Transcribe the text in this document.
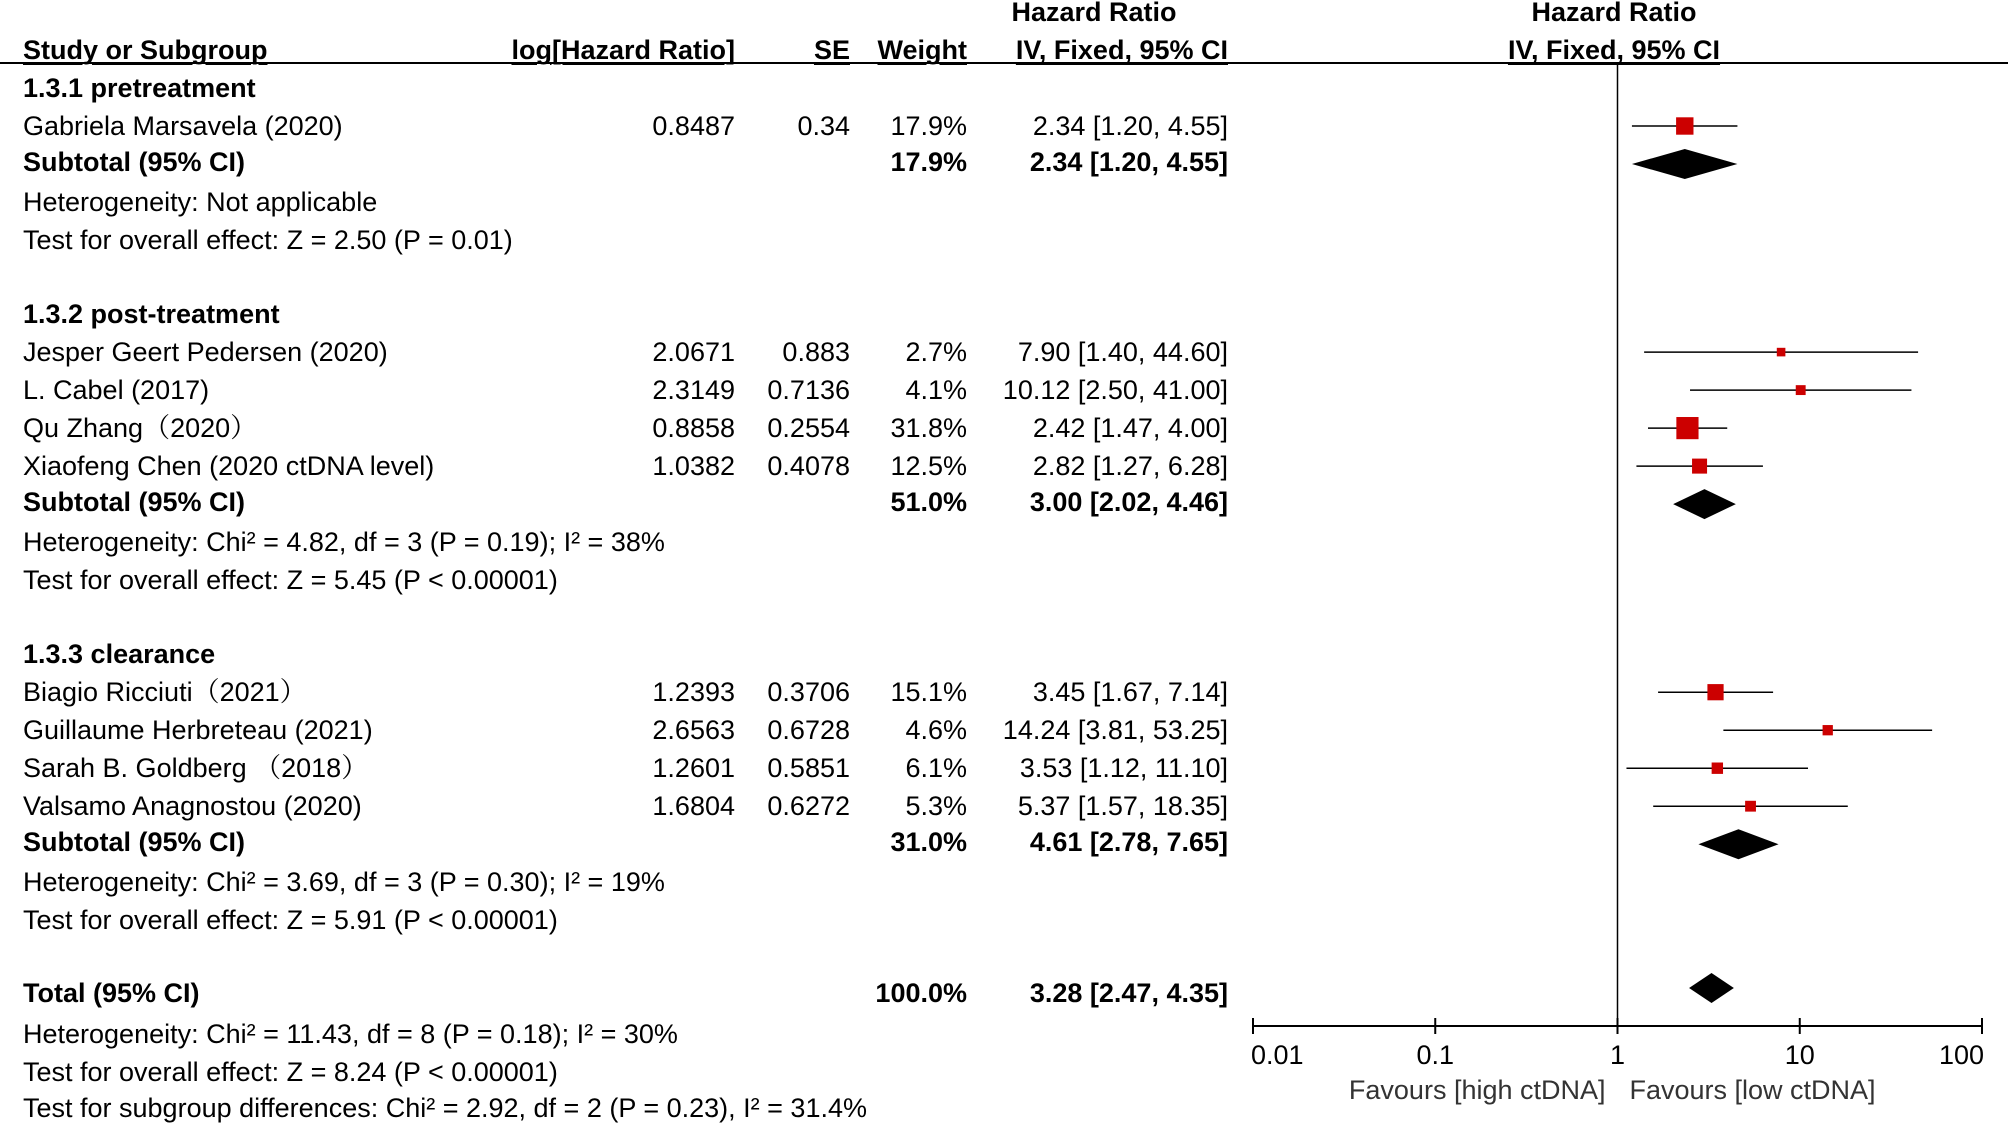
Study or Subgroup	log[Hazard Ratio]	SE	Weight
Hazard Ratio
IV, Fixed, 95% CI
Hazard Ratio
IV, Fixed, 95% CI
1.3.1 pretreatment
Gabriela Marsavela (2020)	0.8487	0.34	17.9%	2.34 [1.20, 4.55]
Subtotal (95% CI)	17.9%	2.34 [1.20, 4.55]
Heterogeneity: Not applicable
Test for overall effect: Z = 2.50 (P = 0.01)
1.3.2 post-treatment
Jesper Geert Pedersen (2020)	2.0671	0.883	2.7%	7.90 [1.40, 44.60]
L. Cabel (2017)	2.3149	0.7136	4.1%	10.12 [2.50, 41.00]
Qu Zhang（2020）	0.8858	0.2554	31.8%	2.42 [1.47, 4.00]
Xiaofeng Chen (2020 ctDNA level)	1.0382	0.4078	12.5%	2.82 [1.27, 6.28]
Subtotal (95% CI)	51.0%	3.00 [2.02, 4.46]
Heterogeneity: Chi² = 4.82, df = 3 (P = 0.19); I² = 38%
Test for overall effect: Z = 5.45 (P < 0.00001)
1.3.3 clearance
Biagio Ricciuti（2021）	1.2393	0.3706	15.1%	3.45 [1.67, 7.14]
Guillaume Herbreteau (2021)	2.6563	0.6728	4.6%	14.24 [3.81, 53.25]
Sarah B. Goldberg （2018）	1.2601	0.5851	6.1%	3.53 [1.12, 11.10]
Valsamo Anagnostou (2020)	1.6804	0.6272	5.3%	5.37 [1.57, 18.35]
Subtotal (95% CI)	31.0%	4.61 [2.78, 7.65]
Heterogeneity: Chi² = 3.69, df = 3 (P = 0.30); I² = 19%
Test for overall effect: Z = 5.91 (P < 0.00001)
Total (95% CI)	100.0%	3.28 [2.47, 4.35]
Heterogeneity: Chi² = 11.43, df = 8 (P = 0.18); I² = 30%
Test for overall effect: Z = 8.24 (P < 0.00001)
Test for subgroup differences: Chi² = 2.92, df = 2 (P = 0.23), I² = 31.4%
0.01	0.1	1	10	100
Favours [high ctDNA] Favours [low ctDNA]
